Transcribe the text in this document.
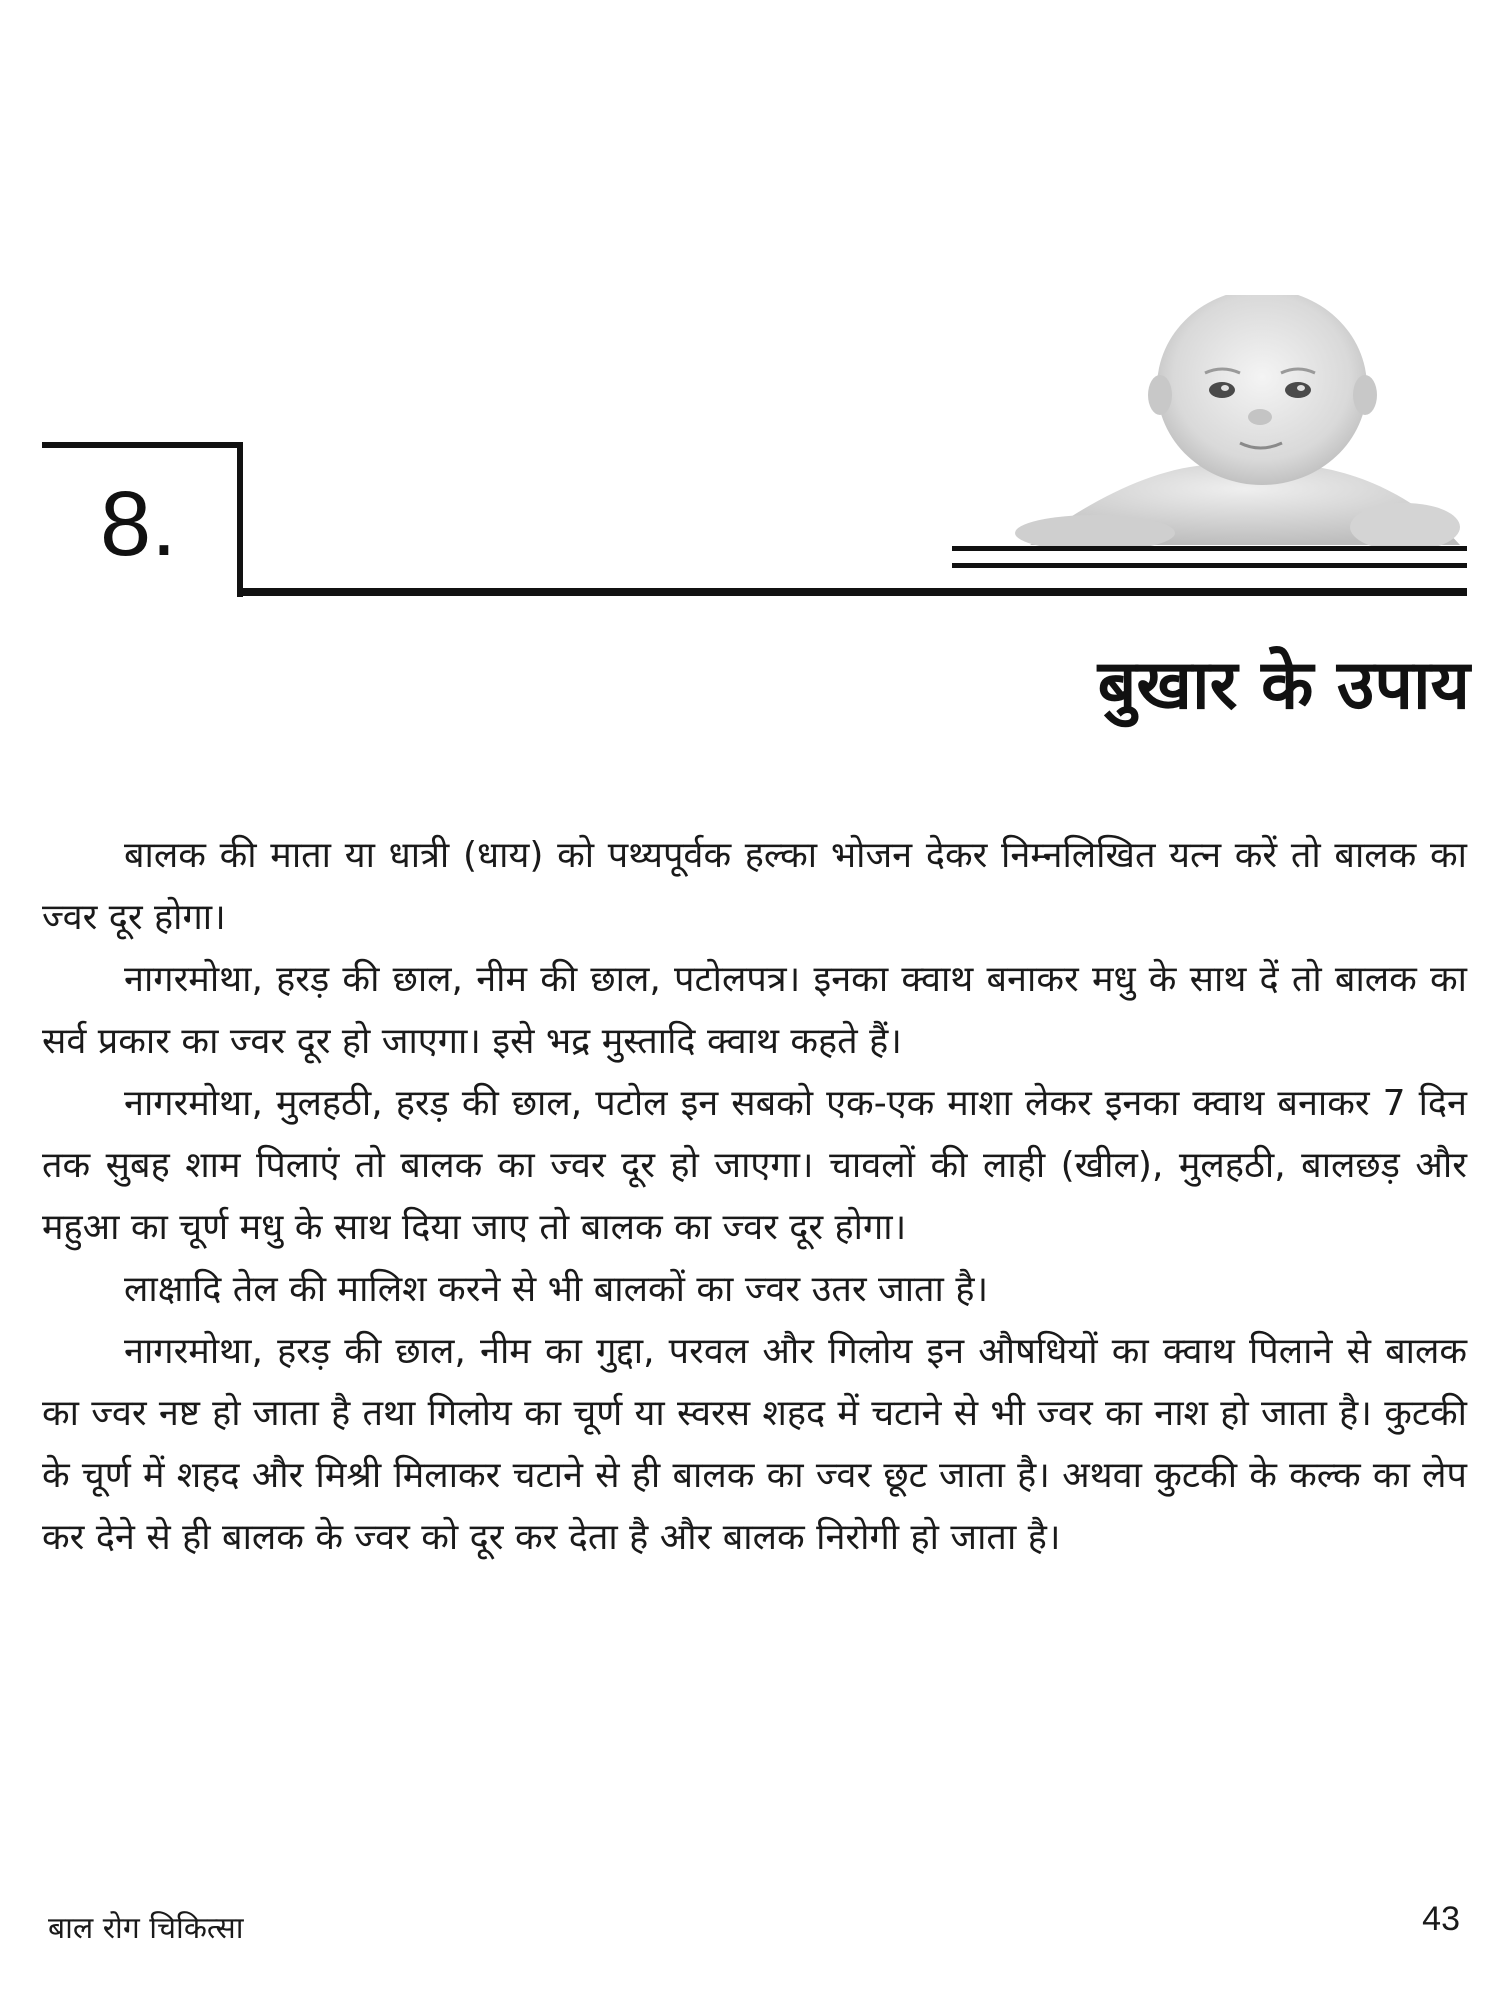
8.
बुखार के उपाय

बालक की माता या धात्री (धाय) को पथ्यपूर्वक हल्का भोजन देकर निम्नलिखित यत्न करें तो बालक का ज्वर दूर होगा।

नागरमोथा, हरड़ की छाल, नीम की छाल, पटोलपत्र। इनका क्वाथ बनाकर मधु के साथ दें तो बालक का सर्व प्रकार का ज्वर दूर हो जाएगा। इसे भद्र मुस्तादि क्वाथ कहते हैं।

नागरमोथा, मुलहठी, हरड़ की छाल, पटोल इन सबको एक-एक माशा लेकर इनका क्वाथ बनाकर 7 दिन तक सुबह शाम पिलाएं तो बालक का ज्वर दूर हो जाएगा। चावलों की लाही (खील), मुलहठी, बालछड़ और महुआ का चूर्ण मधु के साथ दिया जाए तो बालक का ज्वर दूर होगा।

लाक्षादि तेल की मालिश करने से भी बालकों का ज्वर उतर जाता है।

नागरमोथा, हरड़ की छाल, नीम का गुद्दा, परवल और गिलोय इन औषधियों का क्वाथ पिलाने से बालक का ज्वर नष्ट हो जाता है तथा गिलोय का चूर्ण या स्वरस शहद में चटाने से भी ज्वर का नाश हो जाता है। कुटकी के चूर्ण में शहद और मिश्री मिलाकर चटाने से ही बालक का ज्वर छूट जाता है। अथवा कुटकी के कल्क का लेप कर देने से ही बालक के ज्वर को दूर कर देता है और बालक निरोगी हो जाता है।

बाल रोग चिकित्सा	43
